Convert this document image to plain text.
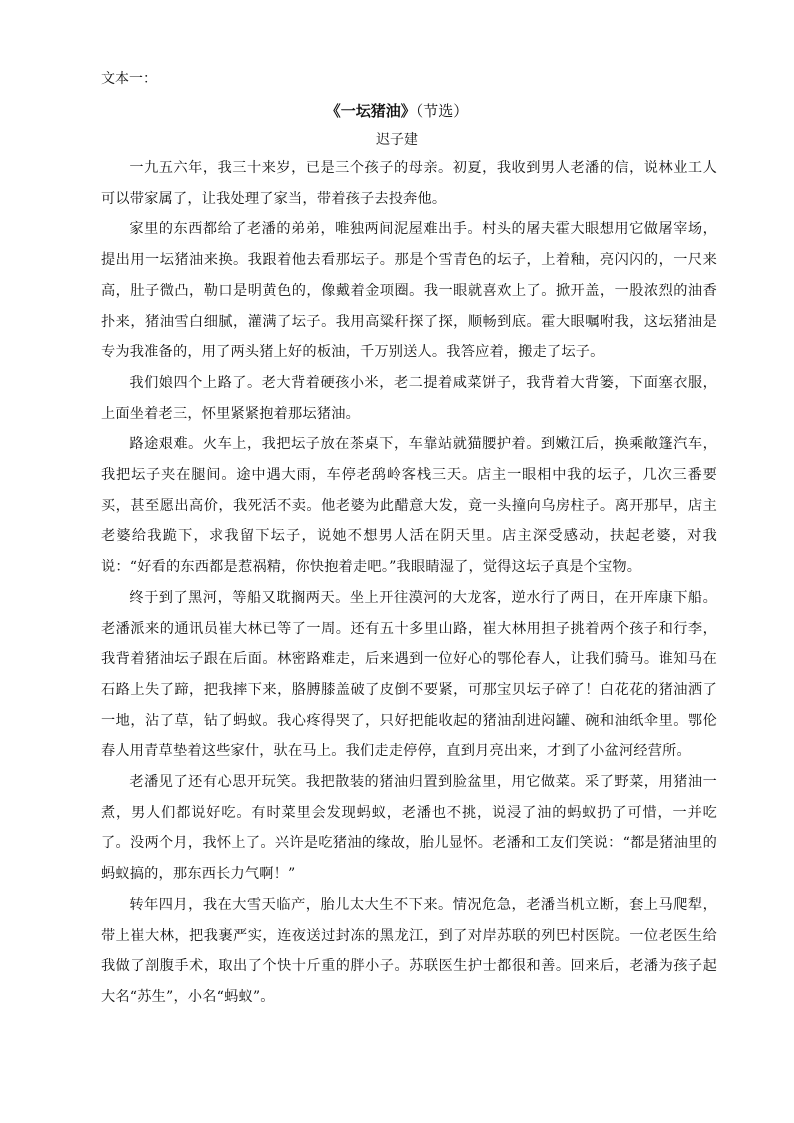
文本一：

《一坛猪油》（节选）

迟子建

一九五六年，我三十来岁，已是三个孩子的母亲。初夏，我收到男人老潘的信，说林业工人可以带家属了，让我处理了家当，带着孩子去投奔他。

家里的东西都给了老潘的弟弟，唯独两间泥屋难出手。村头的屠夫霍大眼想用它做屠宰场，提出用一坛猪油来换。我跟着他去看那坛子。那是个雪青色的坛子，上着釉，亮闪闪的，一尺来高，肚子微凸，勒口是明黄色的，像戴着金项圈。我一眼就喜欢上了。掀开盖，一股浓烈的油香扑来，猪油雪白细腻，灌满了坛子。我用高粱秆探了探，顺畅到底。霍大眼嘱咐我，这坛猪油是专为我准备的，用了两头猪上好的板油，千万别送人。我答应着，搬走了坛子。

我们娘四个上路了。老大背着硬孩小米，老二提着咸菜饼子，我背着大背篓，下面塞衣服，上面坐着老三，怀里紧紧抱着那坛猪油。

路途艰难。火车上，我把坛子放在茶桌下，车靠站就猫腰护着。到嫩江后，换乘敞篷汽车，我把坛子夹在腿间。途中遇大雨，车停老鸹岭客栈三天。店主一眼相中我的坛子，几次三番要买，甚至愿出高价，我死活不卖。他老婆为此醋意大发，竟一头撞向乌房柱子。离开那早，店主老婆给我跪下，求我留下坛子，说她不想男人活在阴天里。店主深受感动，扶起老婆，对我说：“好看的东西都是惹祸精，你快抱着走吧。”我眼睛湿了，觉得这坛子真是个宝物。

终于到了黑河，等船又耽搁两天。坐上开往漠河的大龙客，逆水行了两日，在开库康下船。老潘派来的通讯员崔大林已等了一周。还有五十多里山路，崔大林用担子挑着两个孩子和行李，我背着猪油坛子跟在后面。林密路难走，后来遇到一位好心的鄂伦春人，让我们骑马。谁知马在石路上失了蹄，把我摔下来，胳膊膝盖破了皮倒不要紧，可那宝贝坛子碎了！白花花的猪油洒了一地，沾了草，钻了蚂蚁。我心疼得哭了，只好把能收起的猪油刮进闷罐、碗和油纸伞里。鄂伦春人用青草垫着这些家什，驮在马上。我们走走停停，直到月亮出来，才到了小盆河经营所。

老潘见了还有心思开玩笑。我把散装的猪油归置到脸盆里，用它做菜。采了野菜，用猪油一煮，男人们都说好吃。有时菜里会发现蚂蚁，老潘也不挑，说浸了油的蚂蚁扔了可惜，一并吃了。没两个月，我怀上了。兴许是吃猪油的缘故，胎儿显怀。老潘和工友们笑说：“都是猪油里的蚂蚁搞的，那东西长力气啊！”

转年四月，我在大雪天临产，胎儿太大生不下来。情况危急，老潘当机立断，套上马爬犁，带上崔大林，把我裹严实，连夜送过封冻的黑龙江，到了对岸苏联的列巴村医院。一位老医生给我做了剖腹手术，取出了个快十斤重的胖小子。苏联医生护士都很和善。回来后，老潘为孩子起大名“苏生”，小名“蚂蚁”。
